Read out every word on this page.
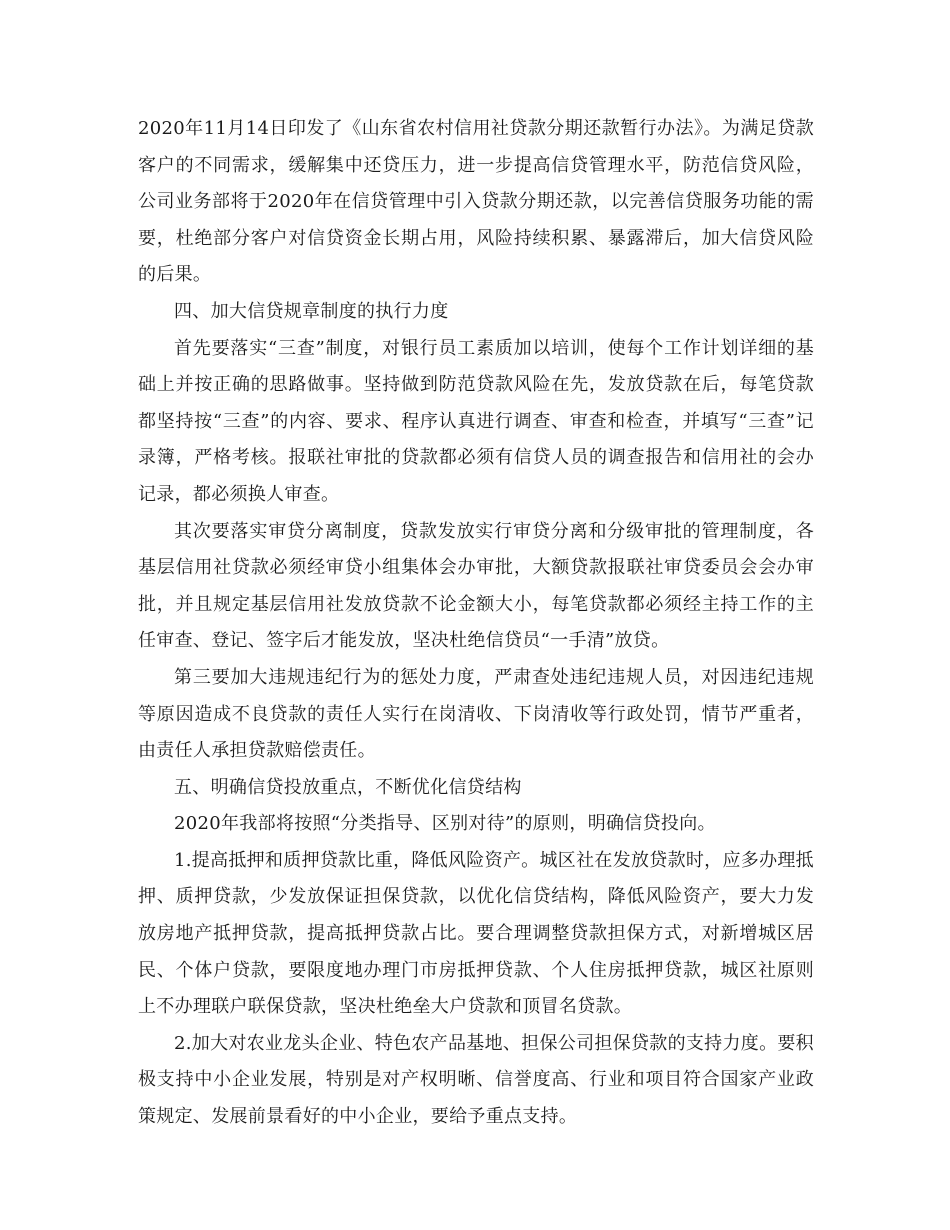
2020年11月14日印发了《山东省农村信用社贷款分期还款暂行办法》。为满足贷款客户的不同需求，缓解集中还贷压力，进一步提高信贷管理水平，防范信贷风险，公司业务部将于2020年在信贷管理中引入贷款分期还款，以完善信贷服务功能的需要，杜绝部分客户对信贷资金长期占用，风险持续积累、暴露滞后，加大信贷风险的后果。

四、加大信贷规章制度的执行力度

首先要落实“三查”制度，对银行员工素质加以培训，使每个工作计划详细的基础上并按正确的思路做事。坚持做到防范贷款风险在先，发放贷款在后，每笔贷款都坚持按“三查”的内容、要求、程序认真进行调查、审查和检查，并填写“三查”记录簿，严格考核。报联社审批的贷款都必须有信贷人员的调查报告和信用社的会办记录，都必须换人审查。

其次要落实审贷分离制度，贷款发放实行审贷分离和分级审批的管理制度，各基层信用社贷款必须经审贷小组集体会办审批，大额贷款报联社审贷委员会会办审批，并且规定基层信用社发放贷款不论金额大小，每笔贷款都必须经主持工作的主任审查、登记、签字后才能发放，坚决杜绝信贷员“一手清”放贷。

第三要加大违规违纪行为的惩处力度，严肃查处违纪违规人员，对因违纪违规等原因造成不良贷款的责任人实行在岗清收、下岗清收等行政处罚，情节严重者，由责任人承担贷款赔偿责任。

五、明确信贷投放重点，不断优化信贷结构

2020年我部将按照“分类指导、区别对待”的原则，明确信贷投向。

1.提高抵押和质押贷款比重，降低风险资产。城区社在发放贷款时，应多办理抵押、质押贷款，少发放保证担保贷款，以优化信贷结构，降低风险资产，要大力发放房地产抵押贷款，提高抵押贷款占比。要合理调整贷款担保方式，对新增城区居民、个体户贷款，要限度地办理门市房抵押贷款、个人住房抵押贷款，城区社原则上不办理联户联保贷款，坚决杜绝垒大户贷款和顶冒名贷款。

2.加大对农业龙头企业、特色农产品基地、担保公司担保贷款的支持力度。要积极支持中小企业发展，特别是对产权明晰、信誉度高、行业和项目符合国家产业政策规定、发展前景看好的中小企业，要给予重点支持。
